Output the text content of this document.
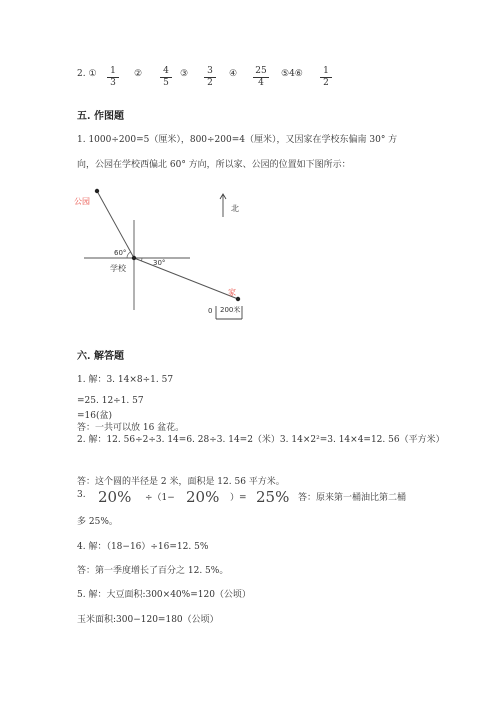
2. ① $\frac{1}{3}$ ② $\frac{4}{5}$ ③ $\frac{3}{2}$ ④ $\frac{25}{4}$ ⑤4⑥ $\frac{1}{2}$
五. 作图题
1. 1000÷200=5（厘米），800÷200=4（厘米），又因家在学校东偏南 30° 方
向，公园在学校西偏北 60° 方向，所以家、公园的位置如下图所示：
公园
60°
30°
学校
家
北
0 200米
六. 解答题
1. 解：3. 14×8÷1. 57
=25. 12÷1. 57
=16(盆)
答：一共可以放 16 盆花。
2. 解：12. 56÷2÷3. 14=6. 28÷3. 14=2（米）3. 14×2²=3. 14×4=12. 56（平方米）
答：这个圆的半径是 2 米，面积是 12. 56 平方米。
3. 20% ÷（1− 20% ）= 25% 答：原来第一桶油比第二桶
多 25%。
4. 解：（18−16）÷16=12. 5%
答：第一季度增长了百分之 12. 5%。
5. 解：大豆面积:300×40%=120（公顷）
玉米面积:300−120=180（公顷）
